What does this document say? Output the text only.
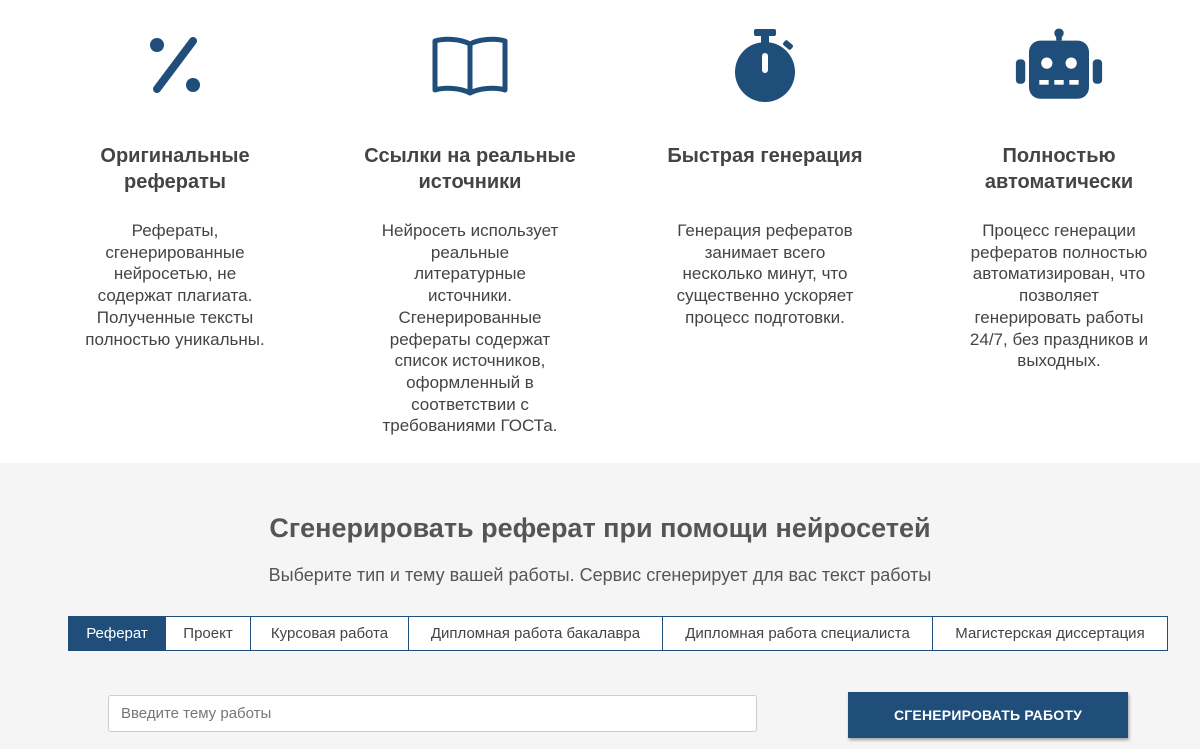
Оригинальные рефераты
Рефераты, сгенерированные нейросетью, не содержат плагиата. Полученные тексты полностью уникальны.
Ссылки на реальные источники
Нейросеть использует реальные литературные источники. Сгенерированные рефераты содержат список источников, оформленный в соответствии с требованиями ГОСТа.
Быстрая генерация
Генерация рефератов занимает всего несколько минут, что существенно ускоряет процесс подготовки.
Полностью автоматически
Процесс генерации рефератов полностью автоматизирован, что позволяет генерировать работы 24/7, без праздников и выходных.
Сгенерировать реферат при помощи нейросетей

Выберите тип и тему вашей работы. Сервис сгенерирует для вас текст работы

Реферат	Проект	Курсовая работа	Дипломная работа бакалавра	Дипломная работа специалиста	Магистерская диссертация
Введите тему работы
СГЕНЕРИРОВАТЬ РАБОТУ
